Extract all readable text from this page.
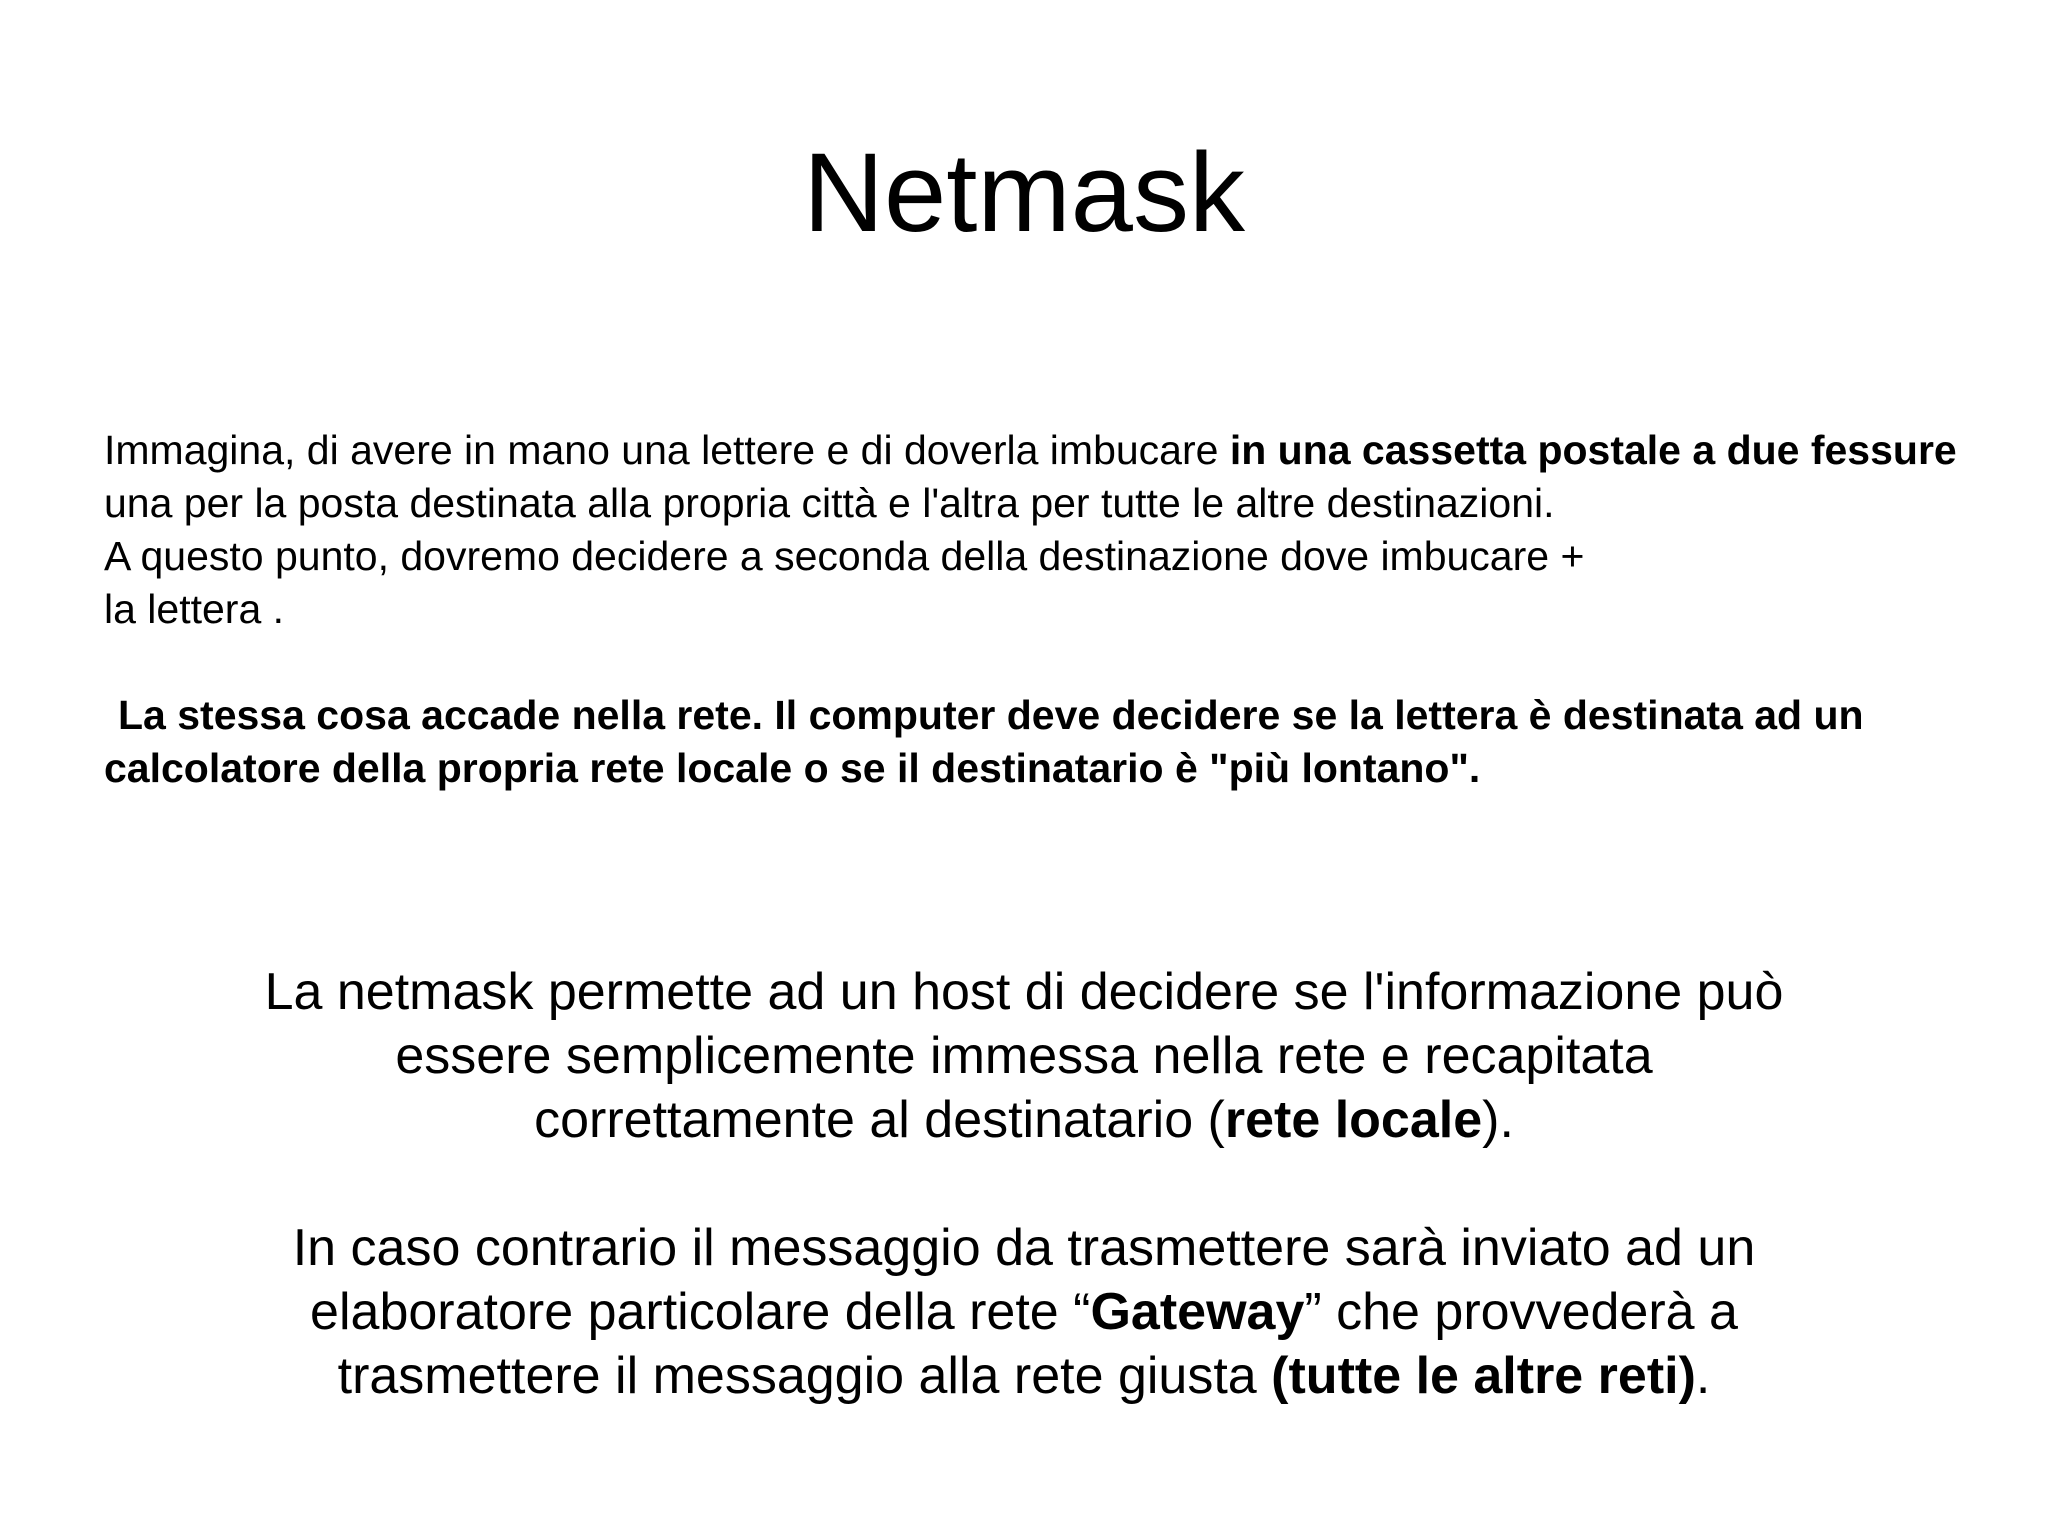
Netmask

Immagina, di avere in mano una lettere e di doverla imbucare in una cassetta postale a due fessure una per la posta destinata alla propria città e l'altra per tutte le altre destinazioni.

A questo punto, dovremo decidere a seconda della destinazione dove imbucare +

la lettera .

La stessa cosa accade nella rete. Il computer deve decidere se la lettera è destinata ad un calcolatore della propria rete locale o se il destinatario è "più lontano".

La netmask permette ad un host di decidere se l'informazione può

essere semplicemente immessa nella rete e recapitata

correttamente al destinatario (rete locale).

In caso contrario il messaggio da trasmettere sarà inviato ad un

elaboratore particolare della rete “Gateway” che provvederà a

trasmettere il messaggio alla rete giusta (tutte le altre reti).
